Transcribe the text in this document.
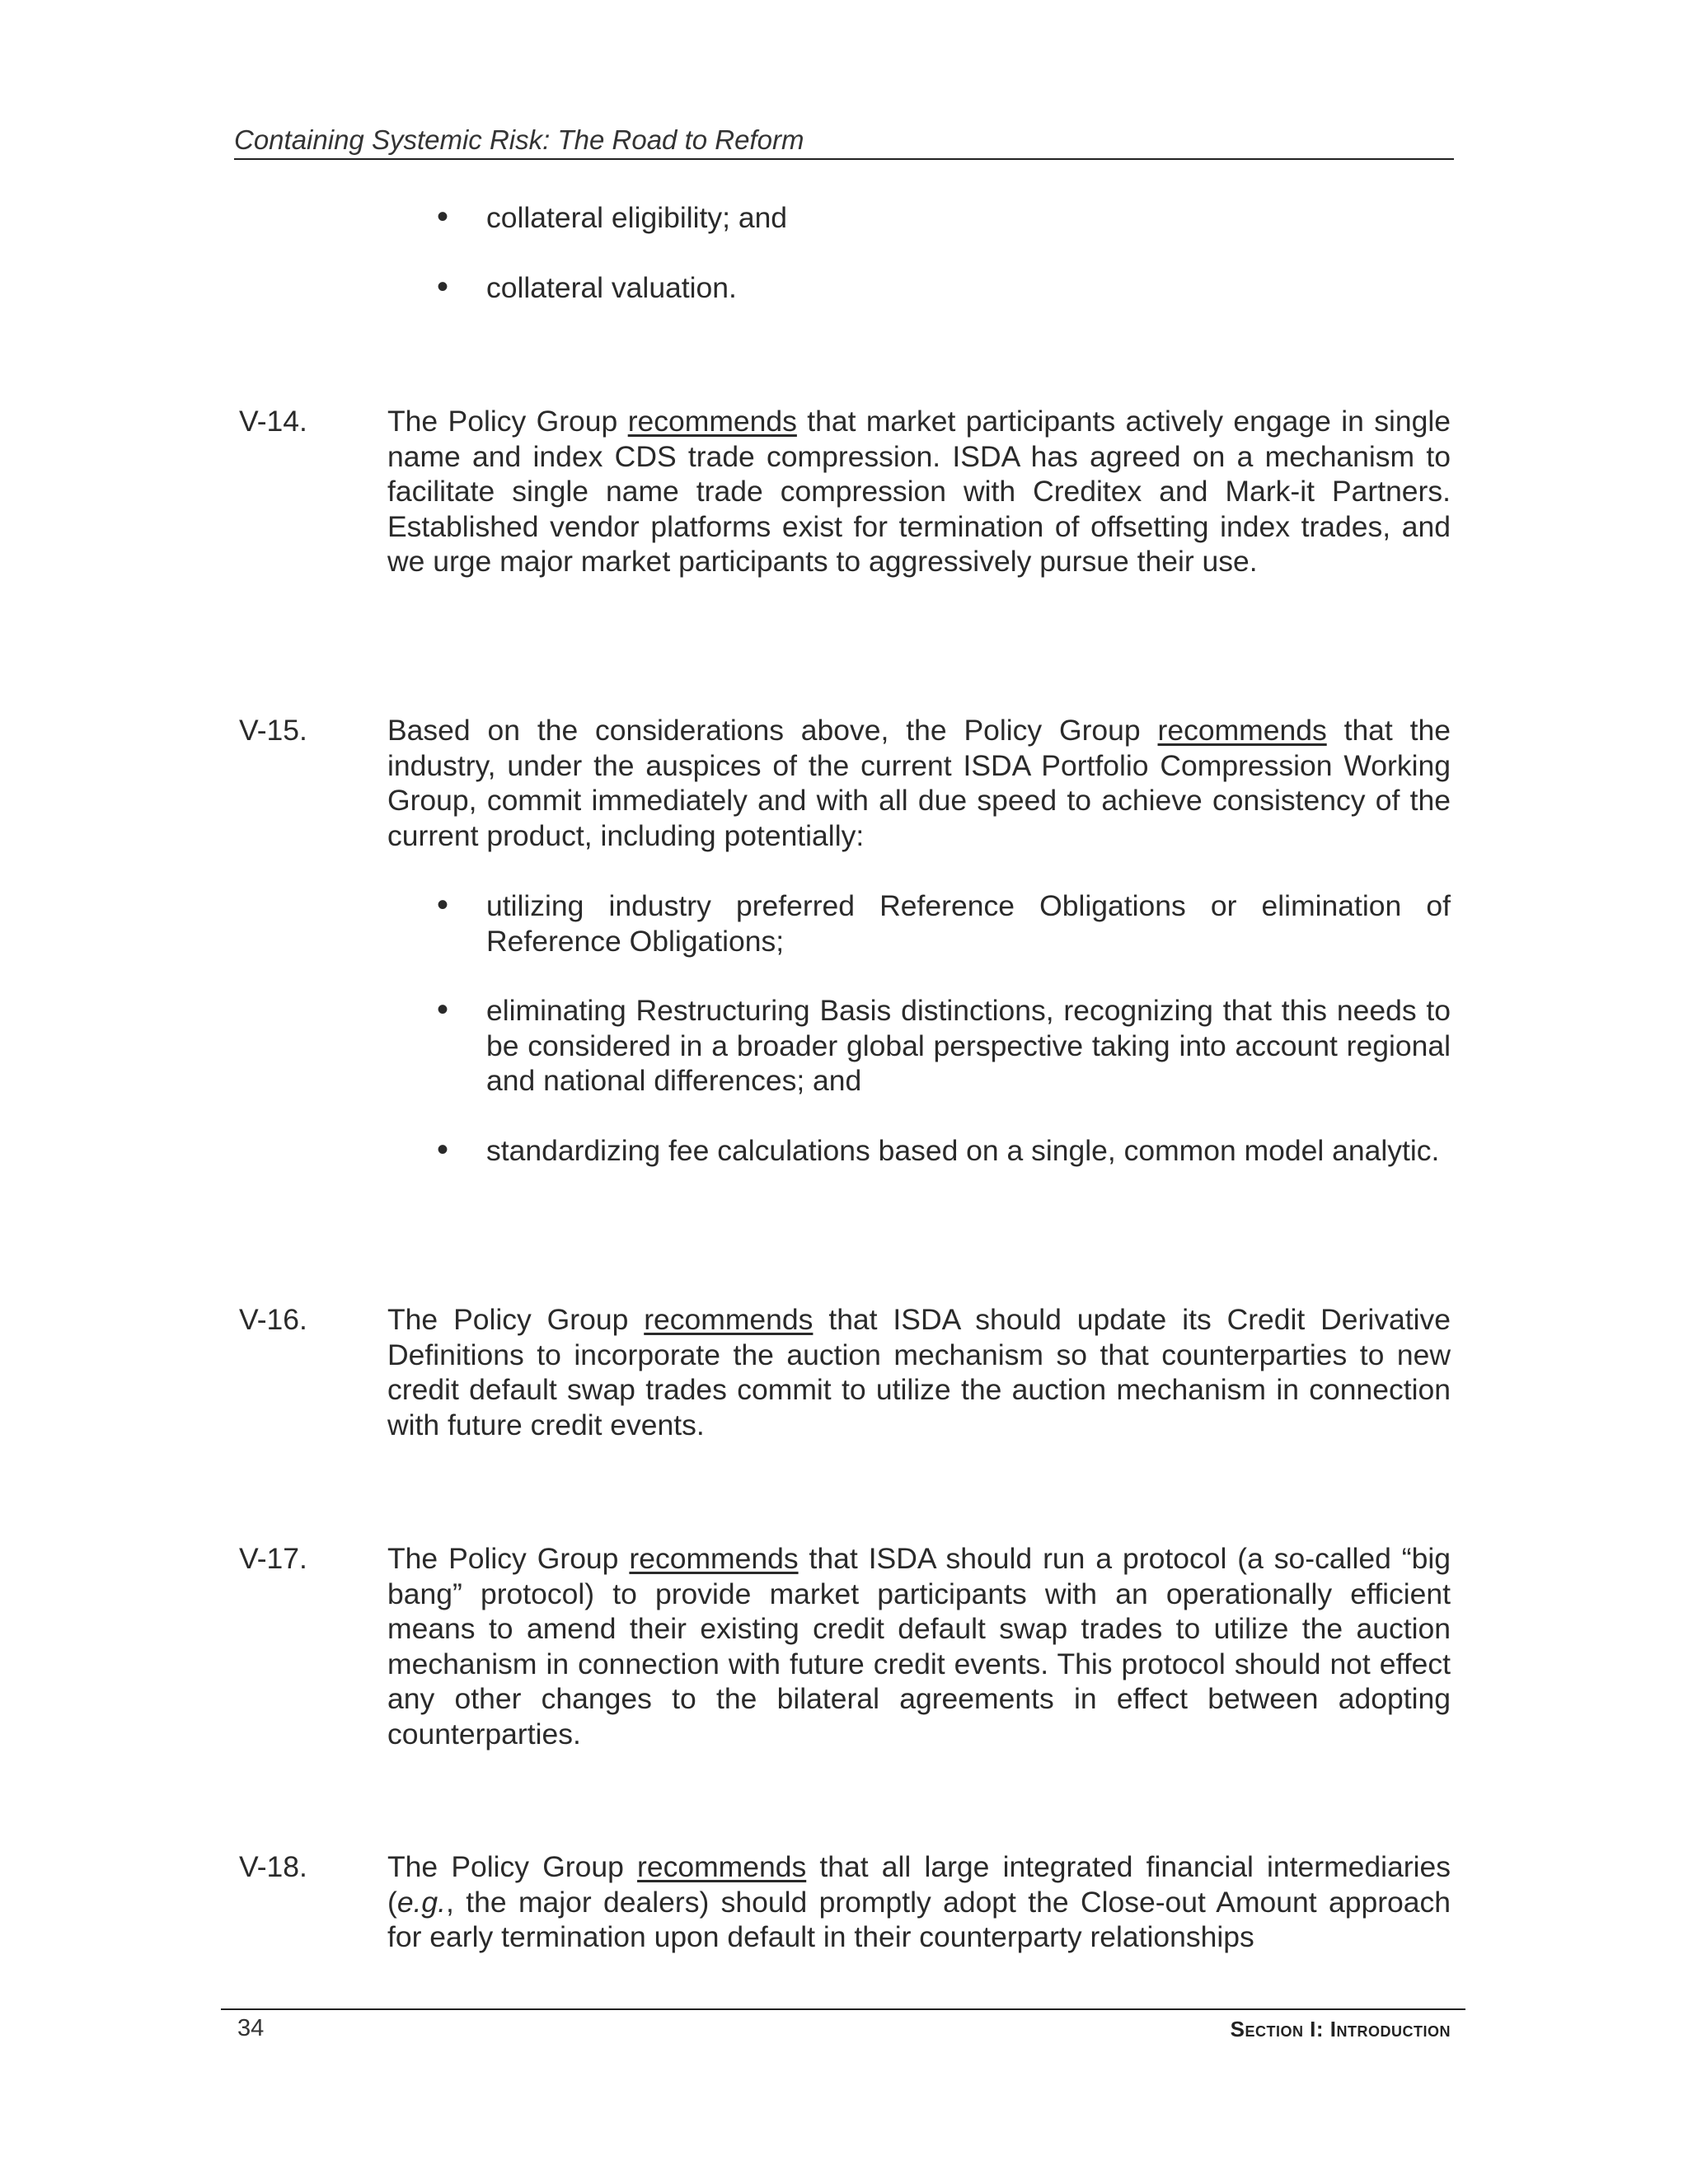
Containing Systemic Risk: The Road to Reform
• collateral eligibility; and
• collateral valuation.
V-14.	The Policy Group recommends that market participants actively engage in single name and index CDS trade compression. ISDA has agreed on a mechanism to facilitate single name trade compression with Creditex and Mark-it Partners. Established vendor platforms exist for termination of offsetting index trades, and we urge major market participants to aggressively pursue their use.
V-15.	Based on the considerations above, the Policy Group recommends that the industry, under the auspices of the current ISDA Portfolio Compression Working Group, commit immediately and with all due speed to achieve consistency of the current product, including potentially:
• utilizing industry preferred Reference Obligations or elimination of Reference Obligations;
• eliminating Restructuring Basis distinctions, recognizing that this needs to be considered in a broader global perspective taking into account regional and national differences; and
• standardizing fee calculations based on a single, common model analytic.
V-16.	The Policy Group recommends that ISDA should update its Credit Derivative Definitions to incorporate the auction mechanism so that counterparties to new credit default swap trades commit to utilize the auction mechanism in connection with future credit events.
V-17.	The Policy Group recommends that ISDA should run a protocol (a so-called “big bang” protocol) to provide market participants with an operationally efficient means to amend their existing credit default swap trades to utilize the auction mechanism in connection with future credit events. This protocol should not effect any other changes to the bilateral agreements in effect between adopting counterparties.
V-18.	The Policy Group recommends that all large integrated financial intermediaries (e.g., the major dealers) should promptly adopt the Close-out Amount approach for early termination upon default in their counterparty relationships
34	Section I: Introduction
